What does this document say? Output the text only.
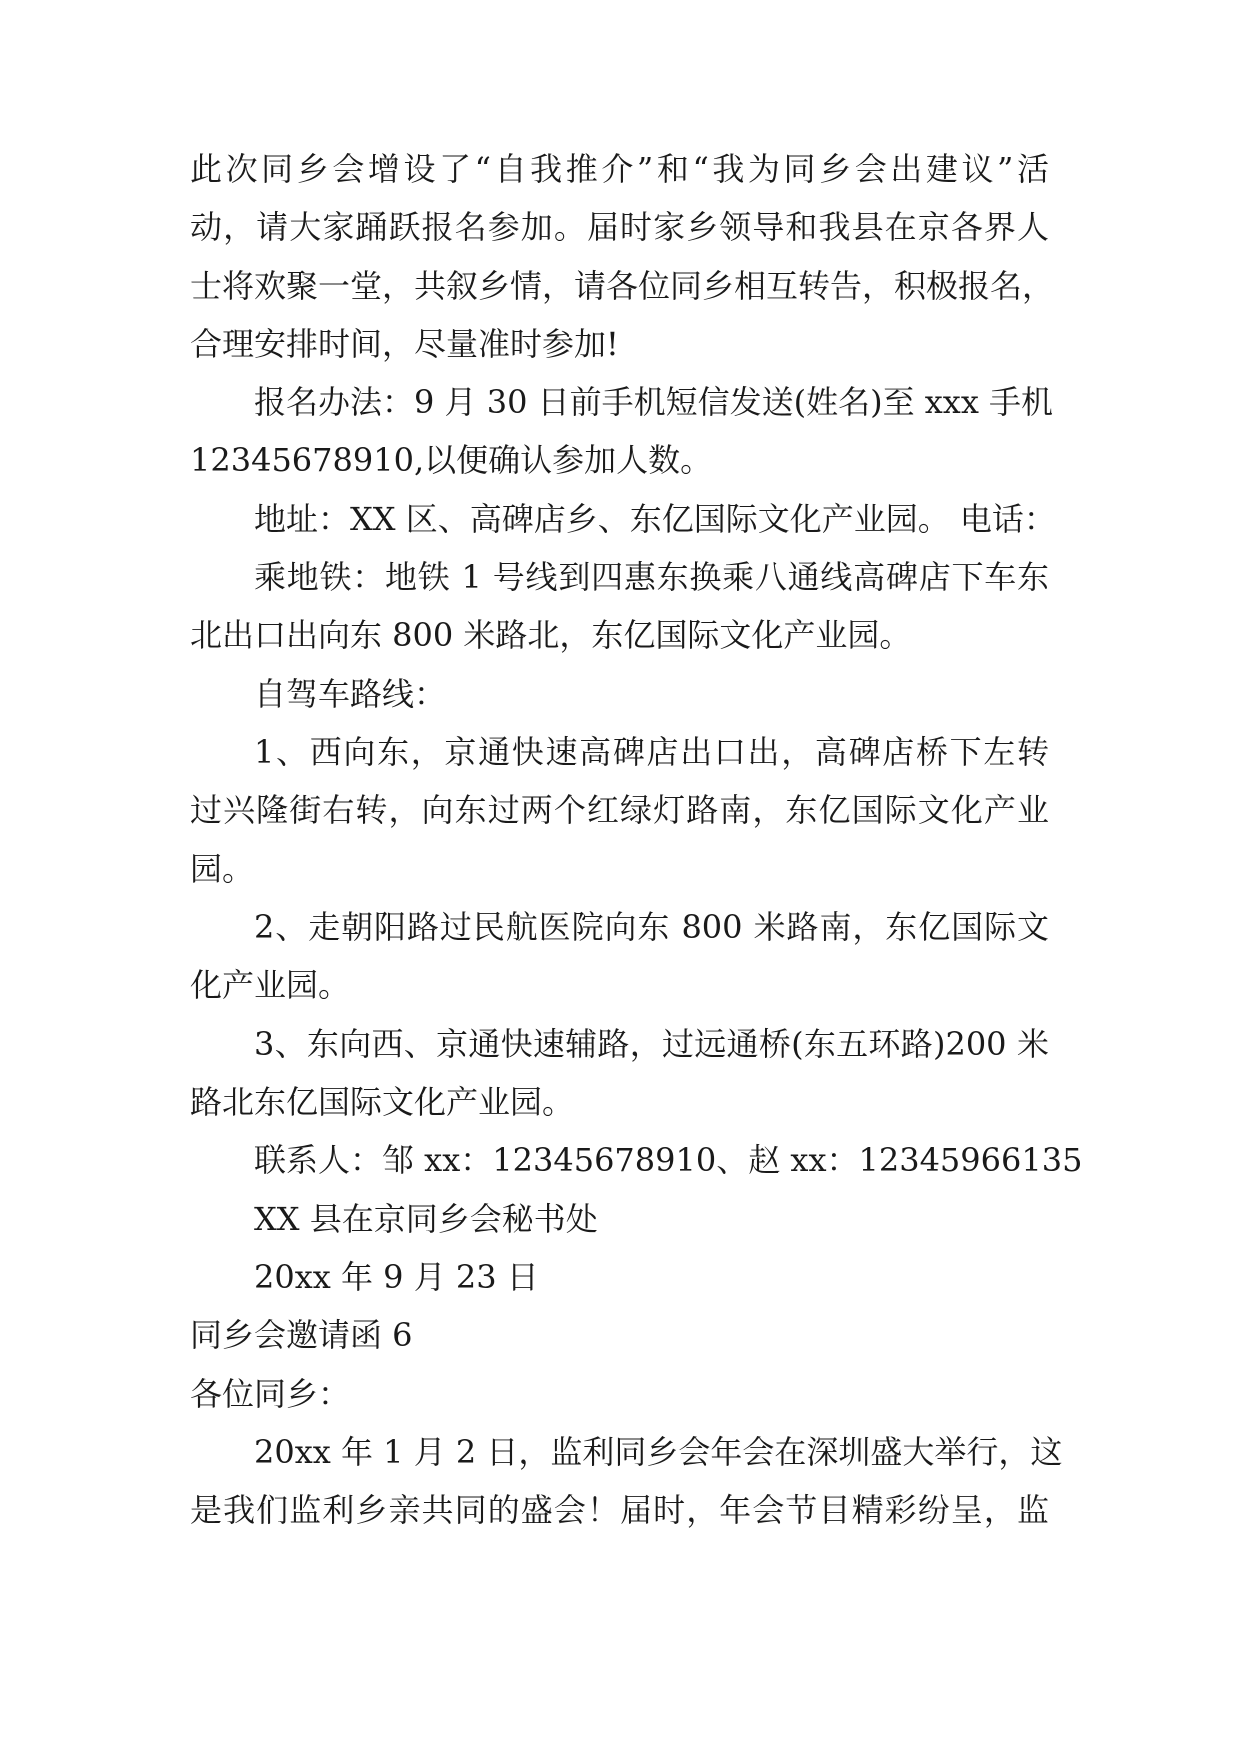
此次同乡会增设了“自我推介”和“我为同乡会出建议”活

动，请大家踊跃报名参加。届时家乡领导和我县在京各界人

士将欢聚一堂，共叙乡情，请各位同乡相互转告，积极报名，

合理安排时间，尽量准时参加!

报名办法：9 月 30 日前手机短信发送(姓名)至 xxx 手机

12345678910,以便确认参加人数。

地址：XX 区、高碑店乡、东亿国际文化产业园。 电话：

乘地铁：地铁 1 号线到四惠东换乘八通线高碑店下车东

北出口出向东 800 米路北，东亿国际文化产业园。

自驾车路线：

1、西向东，京通快速高碑店出口出，高碑店桥下左转

过兴隆街右转，向东过两个红绿灯路南，东亿国际文化产业

园。

2、走朝阳路过民航医院向东 800 米路南，东亿国际文

化产业园。

3、东向西、京通快速辅路，过远通桥(东五环路)200 米

路北东亿国际文化产业园。

联系人：邹 xx：12345678910、赵 xx：12345966135

XX 县在京同乡会秘书处

20xx 年 9 月 23 日

同乡会邀请函 6

各位同乡：

20xx 年 1 月 2 日，监利同乡会年会在深圳盛大举行，这

是我们监利乡亲共同的盛会！届时，年会节目精彩纷呈，监
